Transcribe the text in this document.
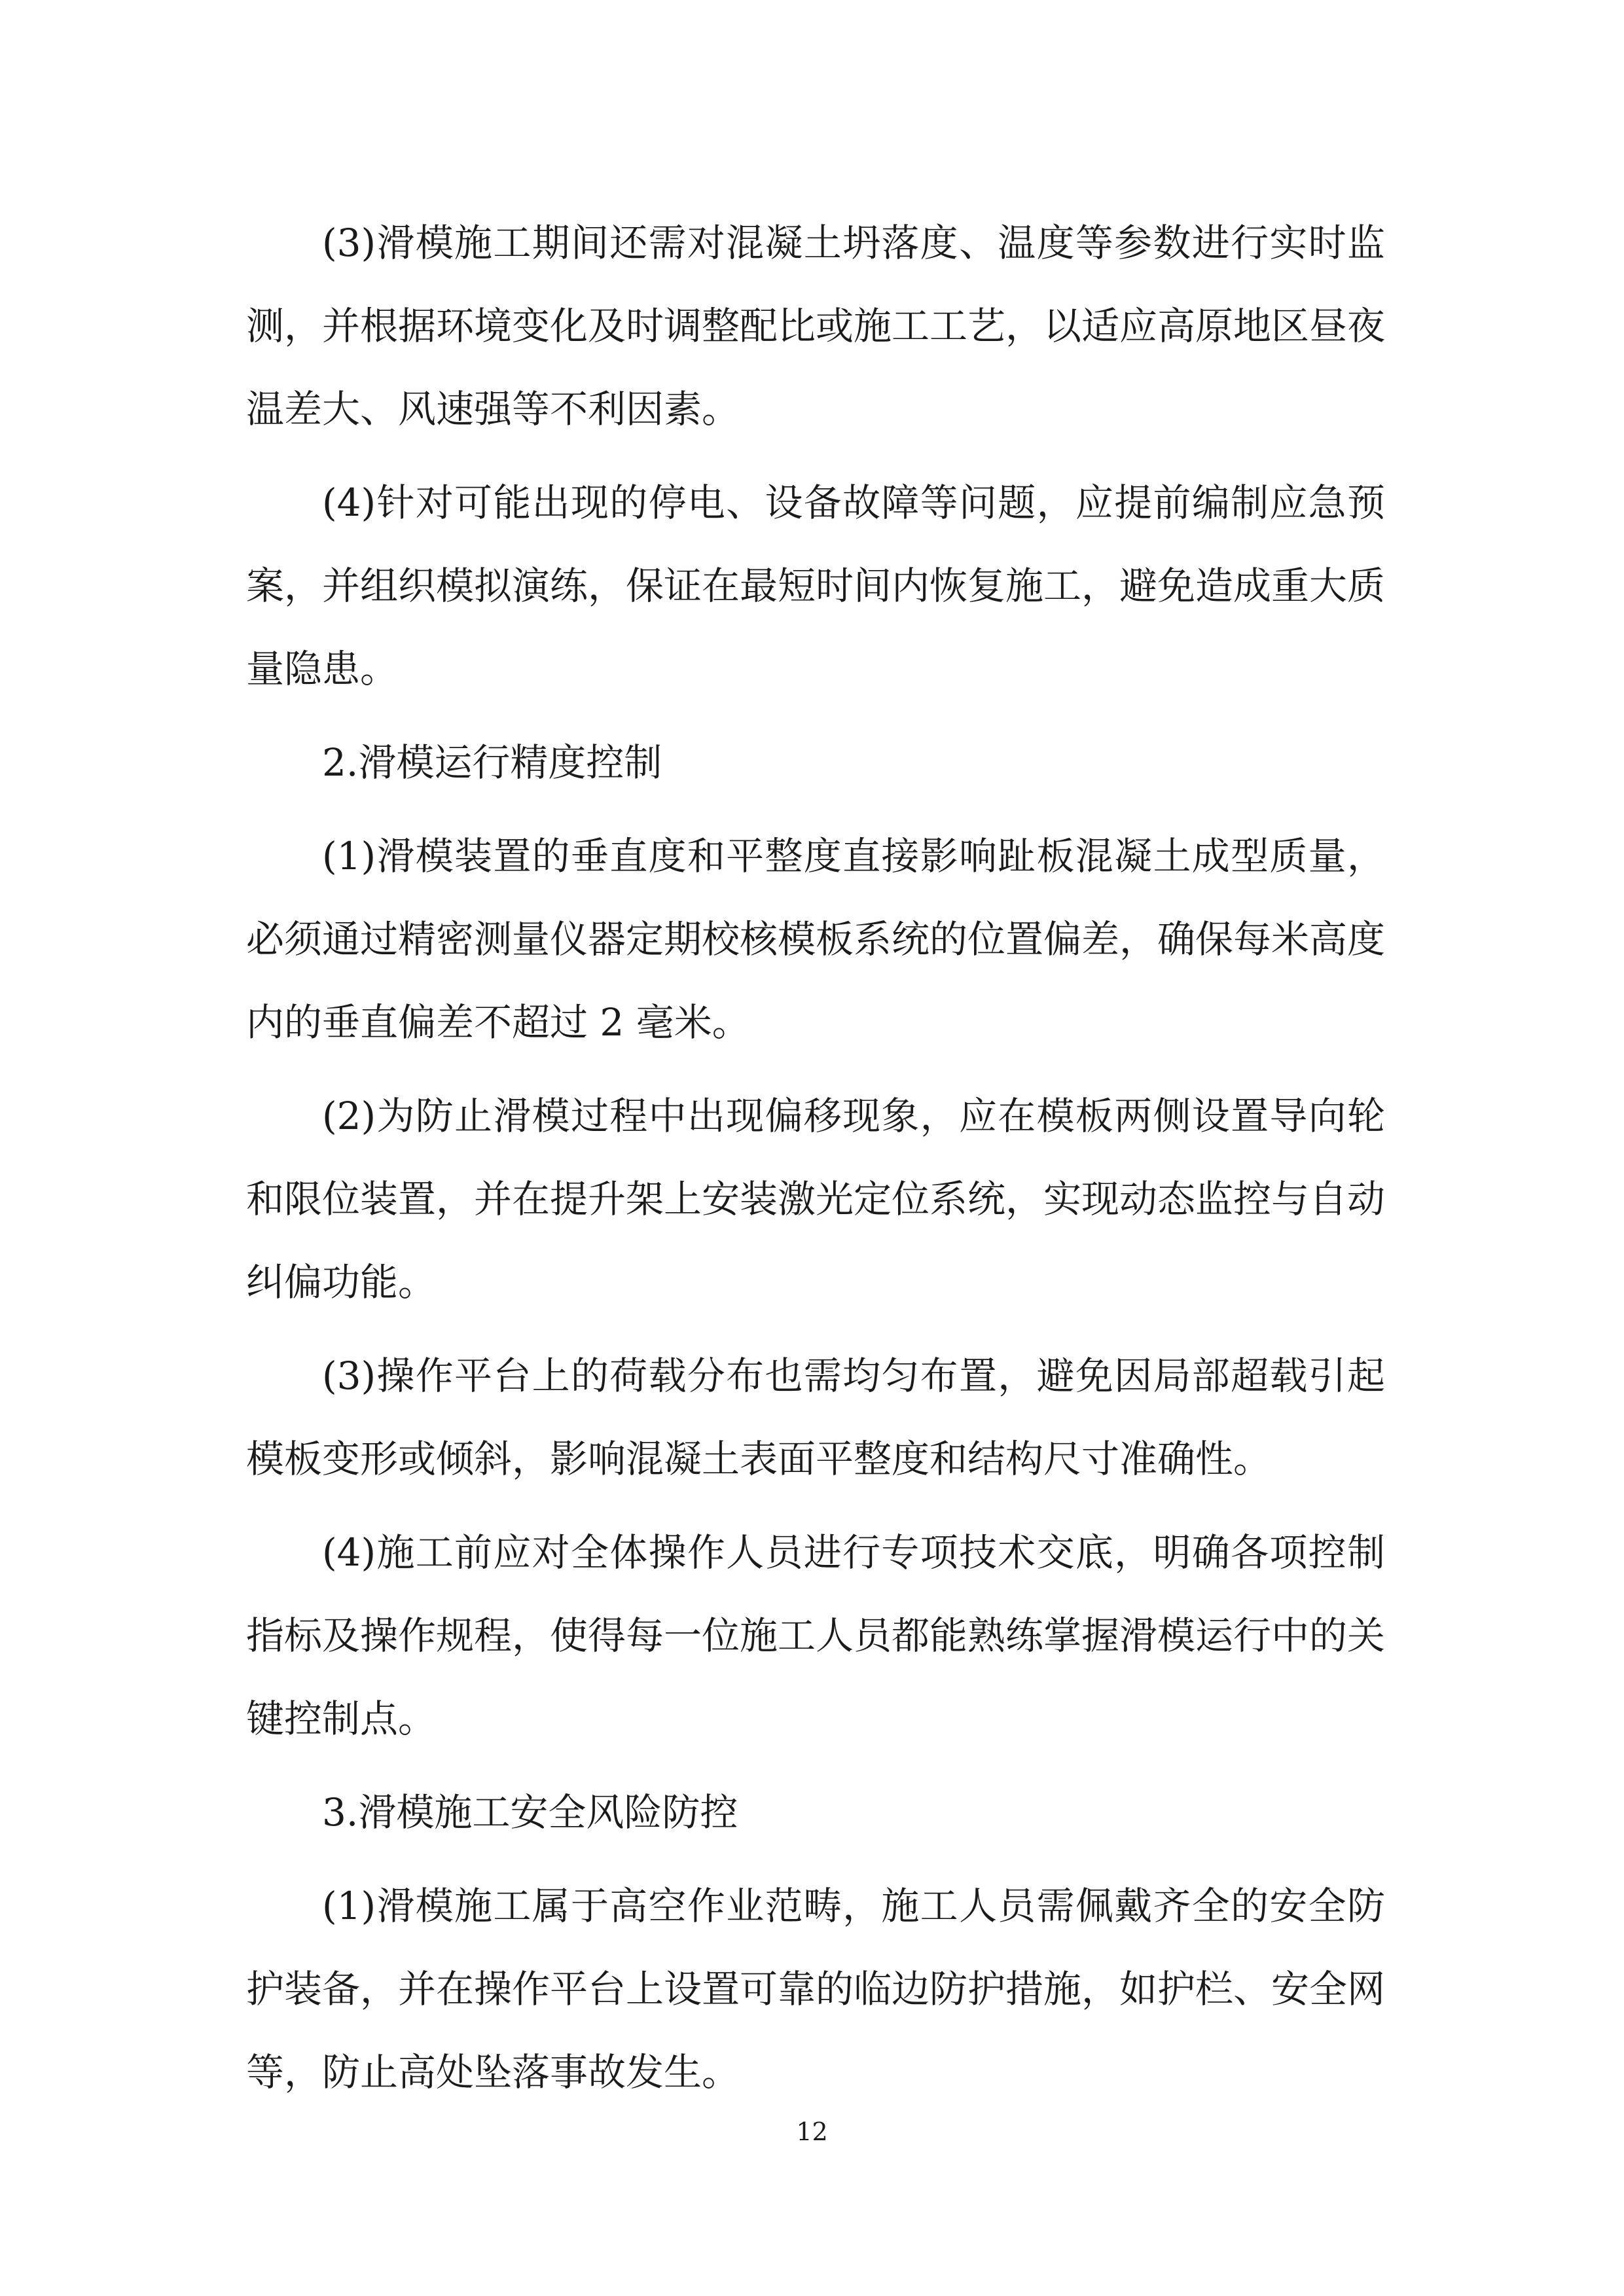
(3)滑模施工期间还需对混凝土坍落度、温度等参数进行实时监测，并根据环境变化及时调整配比或施工工艺，以适应高原地区昼夜温差大、风速强等不利因素。

(4)针对可能出现的停电、设备故障等问题，应提前编制应急预案，并组织模拟演练，保证在最短时间内恢复施工，避免造成重大质量隐患。

2.滑模运行精度控制

(1)滑模装置的垂直度和平整度直接影响趾板混凝土成型质量，必须通过精密测量仪器定期校核模板系统的位置偏差，确保每米高度内的垂直偏差不超过 2 毫米。

(2)为防止滑模过程中出现偏移现象，应在模板两侧设置导向轮和限位装置，并在提升架上安装激光定位系统，实现动态监控与自动纠偏功能。

(3)操作平台上的荷载分布也需均匀布置，避免因局部超载引起模板变形或倾斜，影响混凝土表面平整度和结构尺寸准确性。

(4)施工前应对全体操作人员进行专项技术交底，明确各项控制指标及操作规程，使得每一位施工人员都能熟练掌握滑模运行中的关键控制点。

3.滑模施工安全风险防控

(1)滑模施工属于高空作业范畴，施工人员需佩戴齐全的安全防护装备，并在操作平台上设置可靠的临边防护措施，如护栏、安全网等，防止高处坠落事故发生。

12
